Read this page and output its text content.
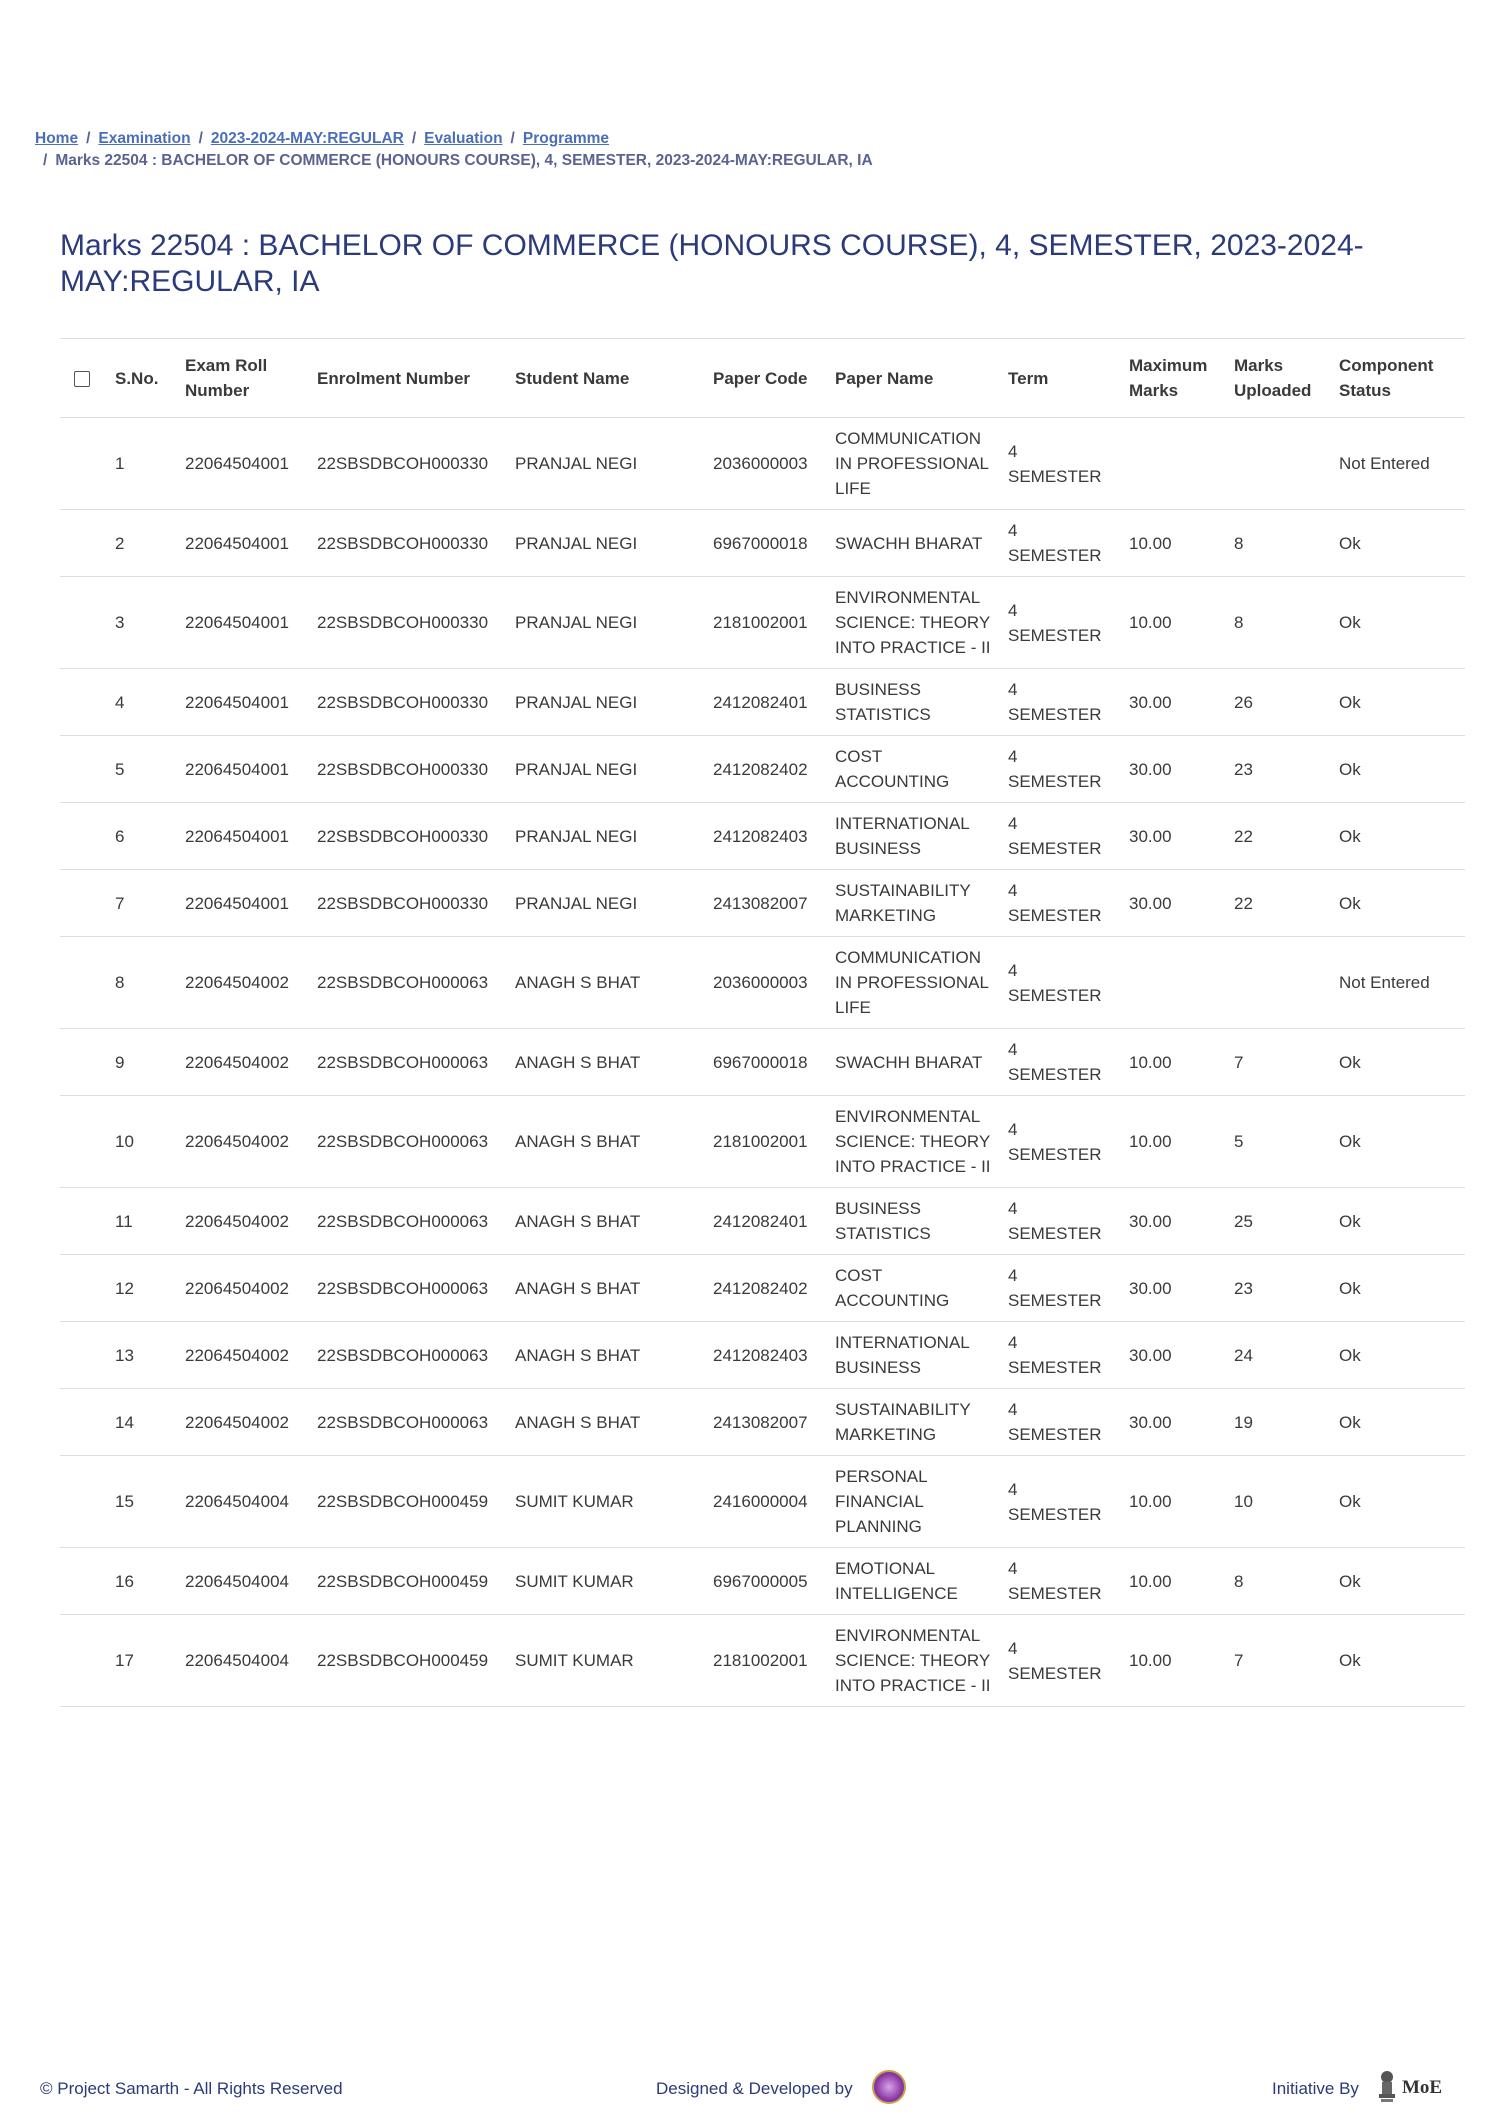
Home / Examination / 2023-2024-MAY:REGULAR / Evaluation / Programme
/ Marks 22504 : BACHELOR OF COMMERCE (HONOURS COURSE), 4, SEMESTER, 2023-2024-MAY:REGULAR, IA
Marks 22504 : BACHELOR OF COMMERCE (HONOURS COURSE), 4, SEMESTER, 2023-2024-MAY:REGULAR, IA
	S.No.	Exam Roll Number	Enrolment Number	Student Name	Paper Code	Paper Name	Term	Maximum Marks	Marks Uploaded	Component Status
	1	22064504001	22SBSDBCOH000330	PRANJAL NEGI	2036000003	COMMUNICATION IN PROFESSIONAL LIFE	4 SEMESTER			Not Entered
	2	22064504001	22SBSDBCOH000330	PRANJAL NEGI	6967000018	SWACHH BHARAT	4 SEMESTER	10.00	8	Ok
	3	22064504001	22SBSDBCOH000330	PRANJAL NEGI	2181002001	ENVIRONMENTAL SCIENCE: THEORY INTO PRACTICE - II	4 SEMESTER	10.00	8	Ok
	4	22064504001	22SBSDBCOH000330	PRANJAL NEGI	2412082401	BUSINESS STATISTICS	4 SEMESTER	30.00	26	Ok
	5	22064504001	22SBSDBCOH000330	PRANJAL NEGI	2412082402	COST ACCOUNTING	4 SEMESTER	30.00	23	Ok
	6	22064504001	22SBSDBCOH000330	PRANJAL NEGI	2412082403	INTERNATIONAL BUSINESS	4 SEMESTER	30.00	22	Ok
	7	22064504001	22SBSDBCOH000330	PRANJAL NEGI	2413082007	SUSTAINABILITY MARKETING	4 SEMESTER	30.00	22	Ok
	8	22064504002	22SBSDBCOH000063	ANAGH S BHAT	2036000003	COMMUNICATION IN PROFESSIONAL LIFE	4 SEMESTER			Not Entered
	9	22064504002	22SBSDBCOH000063	ANAGH S BHAT	6967000018	SWACHH BHARAT	4 SEMESTER	10.00	7	Ok
	10	22064504002	22SBSDBCOH000063	ANAGH S BHAT	2181002001	ENVIRONMENTAL SCIENCE: THEORY INTO PRACTICE - II	4 SEMESTER	10.00	5	Ok
	11	22064504002	22SBSDBCOH000063	ANAGH S BHAT	2412082401	BUSINESS STATISTICS	4 SEMESTER	30.00	25	Ok
	12	22064504002	22SBSDBCOH000063	ANAGH S BHAT	2412082402	COST ACCOUNTING	4 SEMESTER	30.00	23	Ok
	13	22064504002	22SBSDBCOH000063	ANAGH S BHAT	2412082403	INTERNATIONAL BUSINESS	4 SEMESTER	30.00	24	Ok
	14	22064504002	22SBSDBCOH000063	ANAGH S BHAT	2413082007	SUSTAINABILITY MARKETING	4 SEMESTER	30.00	19	Ok
	15	22064504004	22SBSDBCOH000459	SUMIT KUMAR	2416000004	PERSONAL FINANCIAL PLANNING	4 SEMESTER	10.00	10	Ok
	16	22064504004	22SBSDBCOH000459	SUMIT KUMAR	6967000005	EMOTIONAL INTELLIGENCE	4 SEMESTER	10.00	8	Ok
	17	22064504004	22SBSDBCOH000459	SUMIT KUMAR	2181002001	ENVIRONMENTAL SCIENCE: THEORY INTO PRACTICE - II	4 SEMESTER	10.00	7	Ok
© Project Samarth - All Rights Reserved	Designed & Developed by	Initiative By MoE
